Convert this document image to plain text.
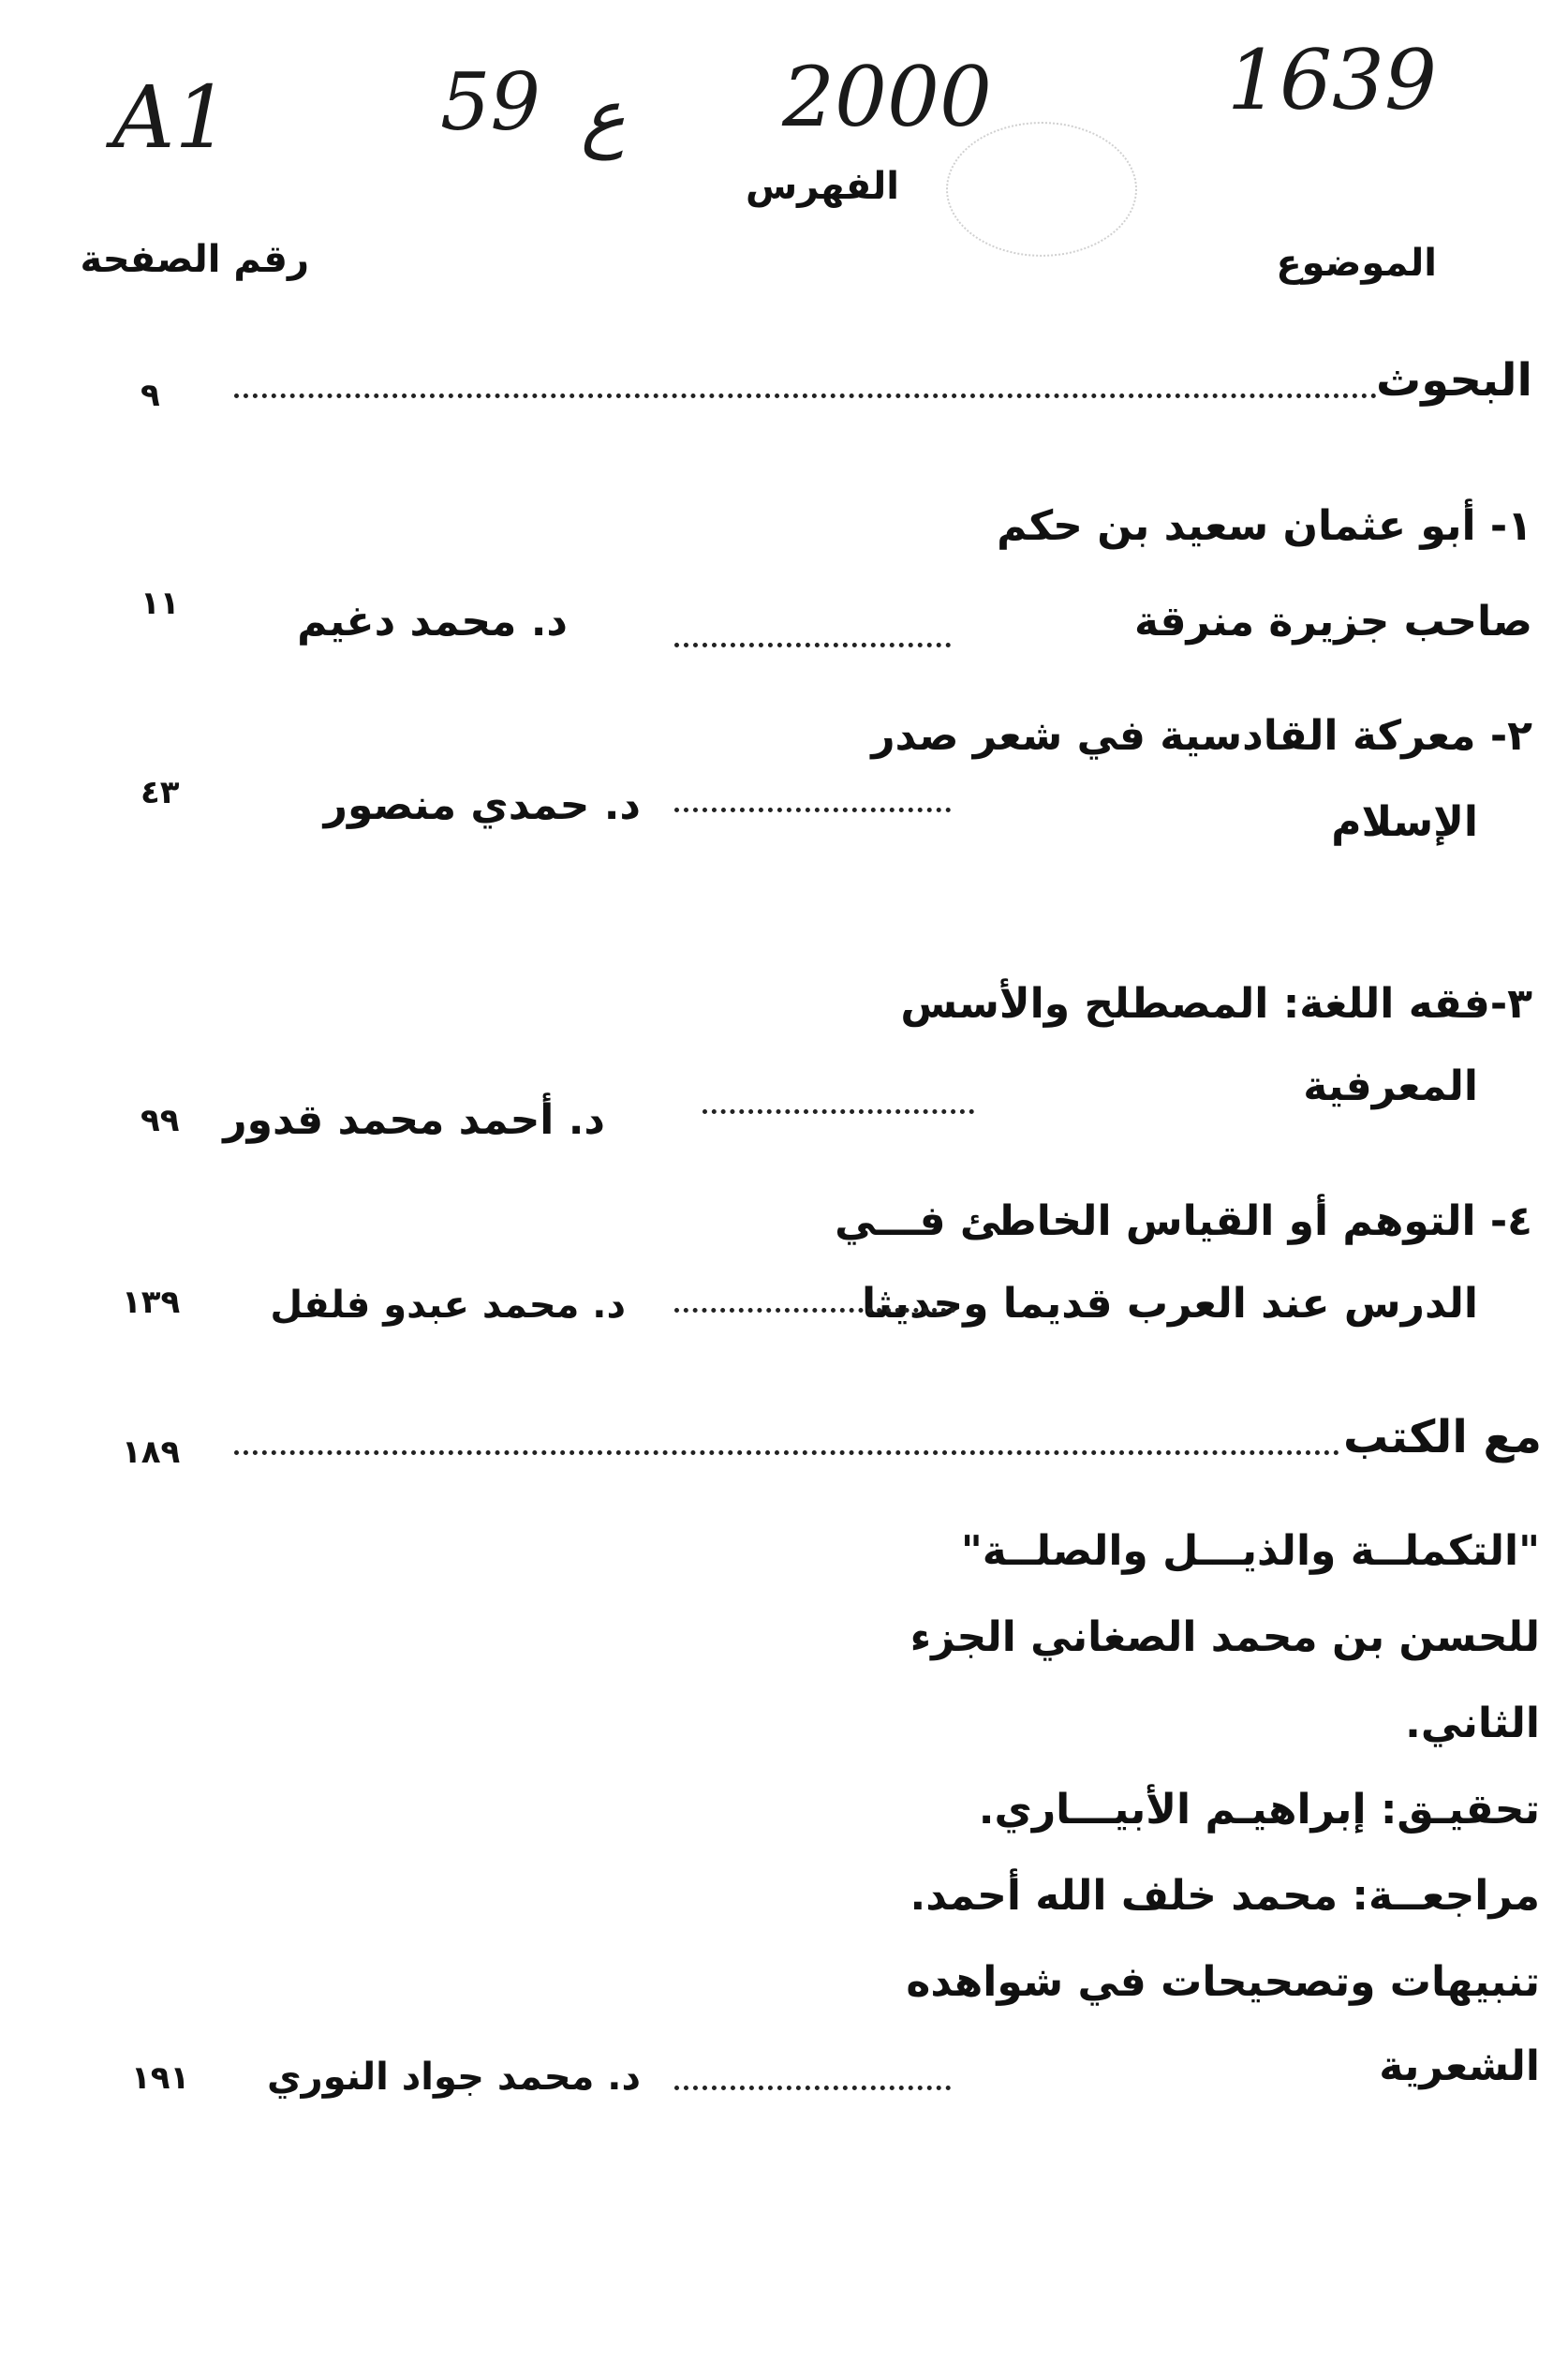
A1	59 ع 2000	1639
الفهرس
الموضوع
رقم الصفحة
البحوث
٩
١- أبو عثمان سعيد بن حكم
صاحب جزيرة منرقة
د. محمد دغيم
١١
٢- معركة القادسية في شعر صدر
الإسلام
د. حمدي منصور
٤٣
٣-فقه اللغة: المصطلح والأسس
المعرفية
د. أحمد محمد قدور
٩٩
٤- التوهم أو القياس الخاطئ فـــي
الدرس عند العرب قديما وحديثا
د. محمد عبدو فلفل
١٣٩
مع الكتب
١٨٩
"التكملــة والذيـــل والصلــة"
للحسن بن محمد الصغاني الجزء
الثاني.
تحقيـق: إبراهيـم الأبيـــاري.
مراجعــة: محمد خلف الله أحمد.
تنبيهات وتصحيحات في شواهده
الشعرية
د. محمد جواد النوري
١٩١
